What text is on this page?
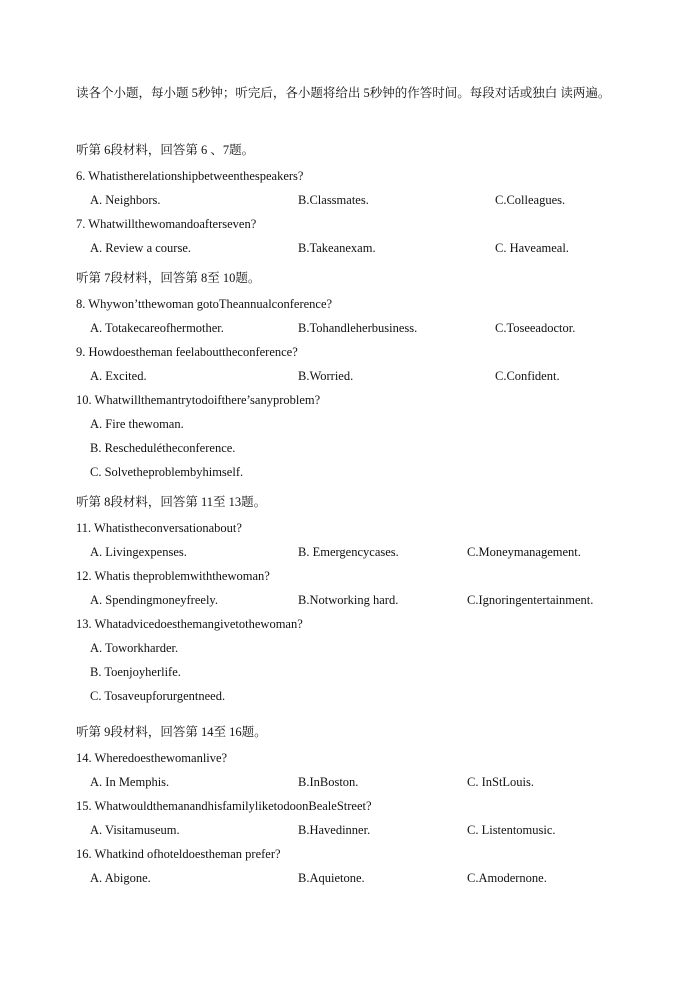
读各个小题，每小题 5秒钟；听完后，各小题将给出 5秒钟的作答时间。每段对话或独白 读两遍。
听第 6段材料，回答第 6 、7题。
6. Whatistherelationshipbetweenthespeakers?
A. Neighbors.	B.Classmates.	C.Colleagues.
7. Whatwillthewomandoafterseven?
A. Review a course.	B.Takeanexam.	C. Haveameal.
听第 7段材料，回答第 8至 10题。
8. Whywon’tthewoman gotoTheannualconference?
A. Totakecareofhermother.	B.Tohandleherbusiness.	C.Toseeadoctor.
9. Howdoestheman feelabouttheconference?
A. Excited.	B.Worried.	C.Confident.
10. Whatwillthemantrytodoifthere’sanyproblem?
A. Fire thewoman.
B. Reschedulétheconference.
C. Solvetheproblembyhimself.
听第 8段材料，回答第 11至 13题。
11. Whatistheconversationabout?
A. Livingexpenses.	B. Emergencycases.	C.Moneymanagement.
12. Whatis theproblemwiththewoman?
A. Spendingmoneyfreely.	B.Notworking hard.	C.Ignoringentertainment.
13. Whatadvicedoesthemangivetothewoman?
A. Toworkharder.
B. Toenjoyherlife.
C. Tosaveupforurgentneed.
听第 9段材料，回答第 14至 16题。
14. Wheredoesthewomanlive?
A. In Memphis.	B.InBoston.	C. InStLouis.
15. WhatwouldthemanandhisfamilyliketodoonBealeStreet?
A. Visitamuseum.	B.Havedinner.	C. Listentomusic.
16. Whatkind ofhoteldoestheman prefer?
A. Abigone.	B.Aquietone.	C.Amodernone.
